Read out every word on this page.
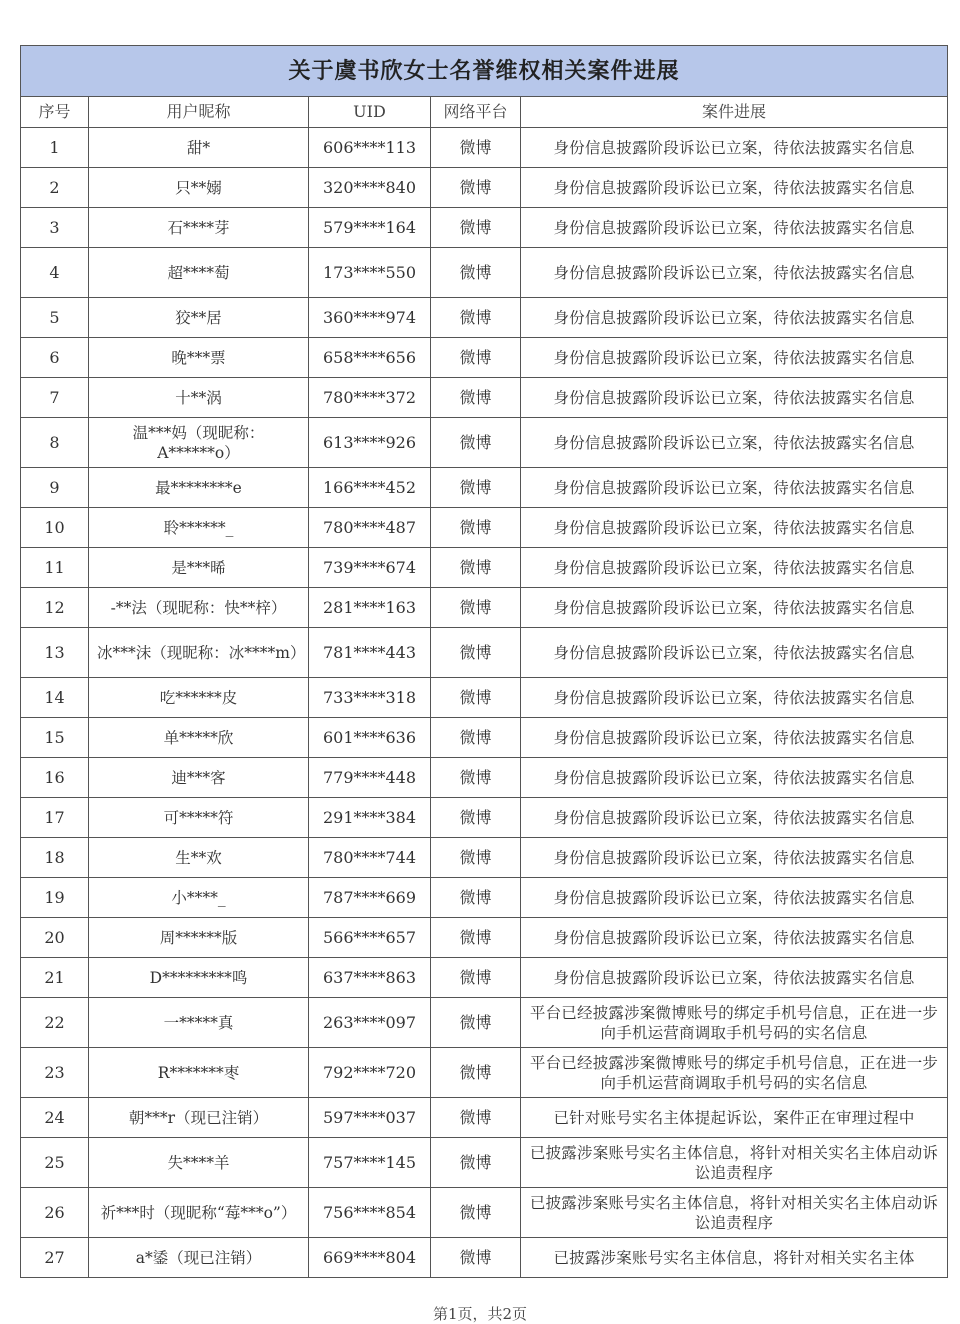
关于虞书欣女士名誉维权相关案件进展				
序号	用户昵称	UID	网络平台	案件进展
1	甜*	606****113	微博	身份信息披露阶段诉讼已立案，待依法披露实名信息
2	只**嫋	320****840	微博	身份信息披露阶段诉讼已立案，待依法披露实名信息
3	石****芽	579****164	微博	身份信息披露阶段诉讼已立案，待依法披露实名信息
4	超****萄	173****550	微博	身份信息披露阶段诉讼已立案，待依法披露实名信息
5	狡**居	360****974	微博	身份信息披露阶段诉讼已立案，待依法披露实名信息
6	晚***票	658****656	微博	身份信息披露阶段诉讼已立案，待依法披露实名信息
7	十**涡	780****372	微博	身份信息披露阶段诉讼已立案，待依法披露实名信息
8	温***妈（现昵称：A******o）	613****926	微博	身份信息披露阶段诉讼已立案，待依法披露实名信息
9	最********e	166****452	微博	身份信息披露阶段诉讼已立案，待依法披露实名信息
10	聆******_	780****487	微博	身份信息披露阶段诉讼已立案，待依法披露实名信息
11	是***晞	739****674	微博	身份信息披露阶段诉讼已立案，待依法披露实名信息
12	-**法（现昵称：快**梓）	281****163	微博	身份信息披露阶段诉讼已立案，待依法披露实名信息
13	冰***沫（现昵称：冰****m）	781****443	微博	身份信息披露阶段诉讼已立案，待依法披露实名信息
14	吃******皮	733****318	微博	身份信息披露阶段诉讼已立案，待依法披露实名信息
15	单*****欣	601****636	微博	身份信息披露阶段诉讼已立案，待依法披露实名信息
16	迪***客	779****448	微博	身份信息披露阶段诉讼已立案，待依法披露实名信息
17	可*****符	291****384	微博	身份信息披露阶段诉讼已立案，待依法披露实名信息
18	生**欢	780****744	微博	身份信息披露阶段诉讼已立案，待依法披露实名信息
19	小****_	787****669	微博	身份信息披露阶段诉讼已立案，待依法披露实名信息
20	周******版	566****657	微博	身份信息披露阶段诉讼已立案，待依法披露实名信息
21	D*********鸣	637****863	微博	身份信息披露阶段诉讼已立案，待依法披露实名信息
22	一*****真	263****097	微博	平台已经披露涉案微博账号的绑定手机号信息，正在进一步向手机运营商调取手机号码的实名信息
23	R*******枣	792****720	微博	平台已经披露涉案微博账号的绑定手机号信息，正在进一步向手机运营商调取手机号码的实名信息
24	朝***r（现已注销）	597****037	微博	已针对账号实名主体提起诉讼，案件正在审理过程中
25	失****羊	757****145	微博	已披露涉案账号实名主体信息，将针对相关实名主体启动诉讼追责程序
26	祈***时（现昵称“莓***o”）	756****854	微博	已披露涉案账号实名主体信息，将针对相关实名主体启动诉讼追责程序
27	a*鋈（现已注销）	669****804	微博	已披露涉案账号实名主体信息，将针对相关实名主体
第1页，共2页
